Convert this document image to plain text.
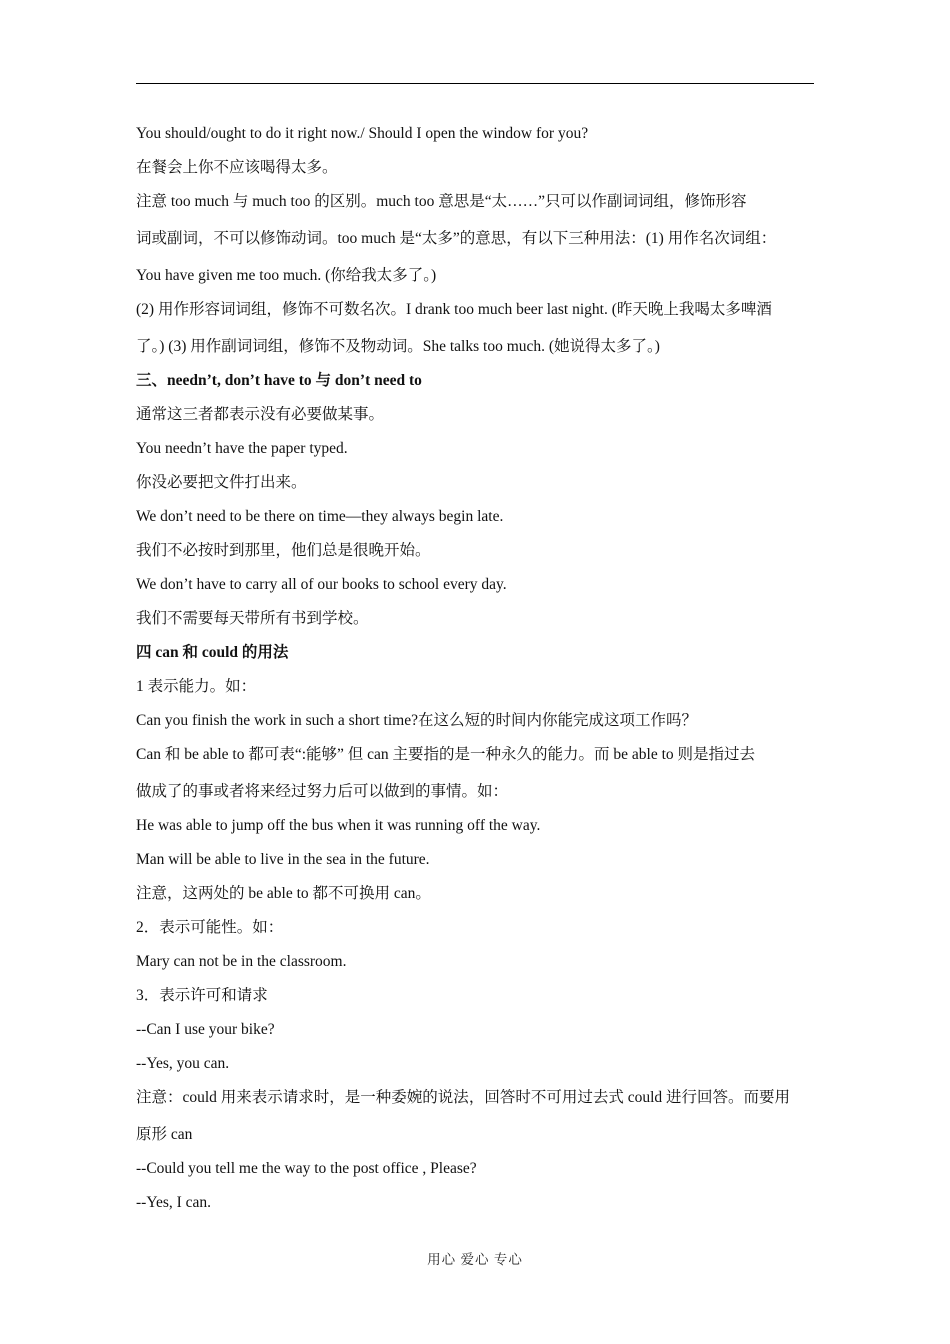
You should/ought to do it right now./ Should I open the window for you?
在餐会上你不应该喝得太多。
注意 too much 与 much too 的区别。much too 意思是“太……”只可以作副词词组，修饰形容
词或副词，不可以修饰动词。too much 是“太多”的意思，有以下三种用法：(1) 用作名次词组：
You have given me too much. (你给我太多了。)
(2) 用作形容词词组，修饰不可数名次。I drank too much beer last night. (昨天晚上我喝太多啤酒
了。) (3) 用作副词词组，修饰不及物动词。She talks too much. (她说得太多了。)
三、needn’t, don’t have to 与 don’t need to
通常这三者都表示没有必要做某事。
You needn’t have the paper typed.
你没必要把文件打出来。
We don’t need to be there on time—they always begin late.
我们不必按时到那里，他们总是很晚开始。
We don’t have to carry all of our books to school every day.
我们不需要每天带所有书到学校。
四 can 和 could 的用法
1 表示能力。如：
Can you finish the work in such a short time?在这么短的时间内你能完成这项工作吗？
Can 和 be able to 都可表“:能够” 但 can 主要指的是一种永久的能力。而 be able to 则是指过去
做成了的事或者将来经过努力后可以做到的事情。如：
He was able to jump off the bus when it was running off the way.
Man will be able to live in the sea in the future.
注意，这两处的 be able to 都不可换用 can。
2．表示可能性。如：
Mary can not be in the classroom.
3．表示许可和请求
--Can I use your bike?
--Yes, you can.
注意：could 用来表示请求时，是一种委婉的说法，回答时不可用过去式 could 进行回答。而要用
原形 can
--Could you tell me the way to the post office , Please?
--Yes, I can.
用心 爱心 专心
